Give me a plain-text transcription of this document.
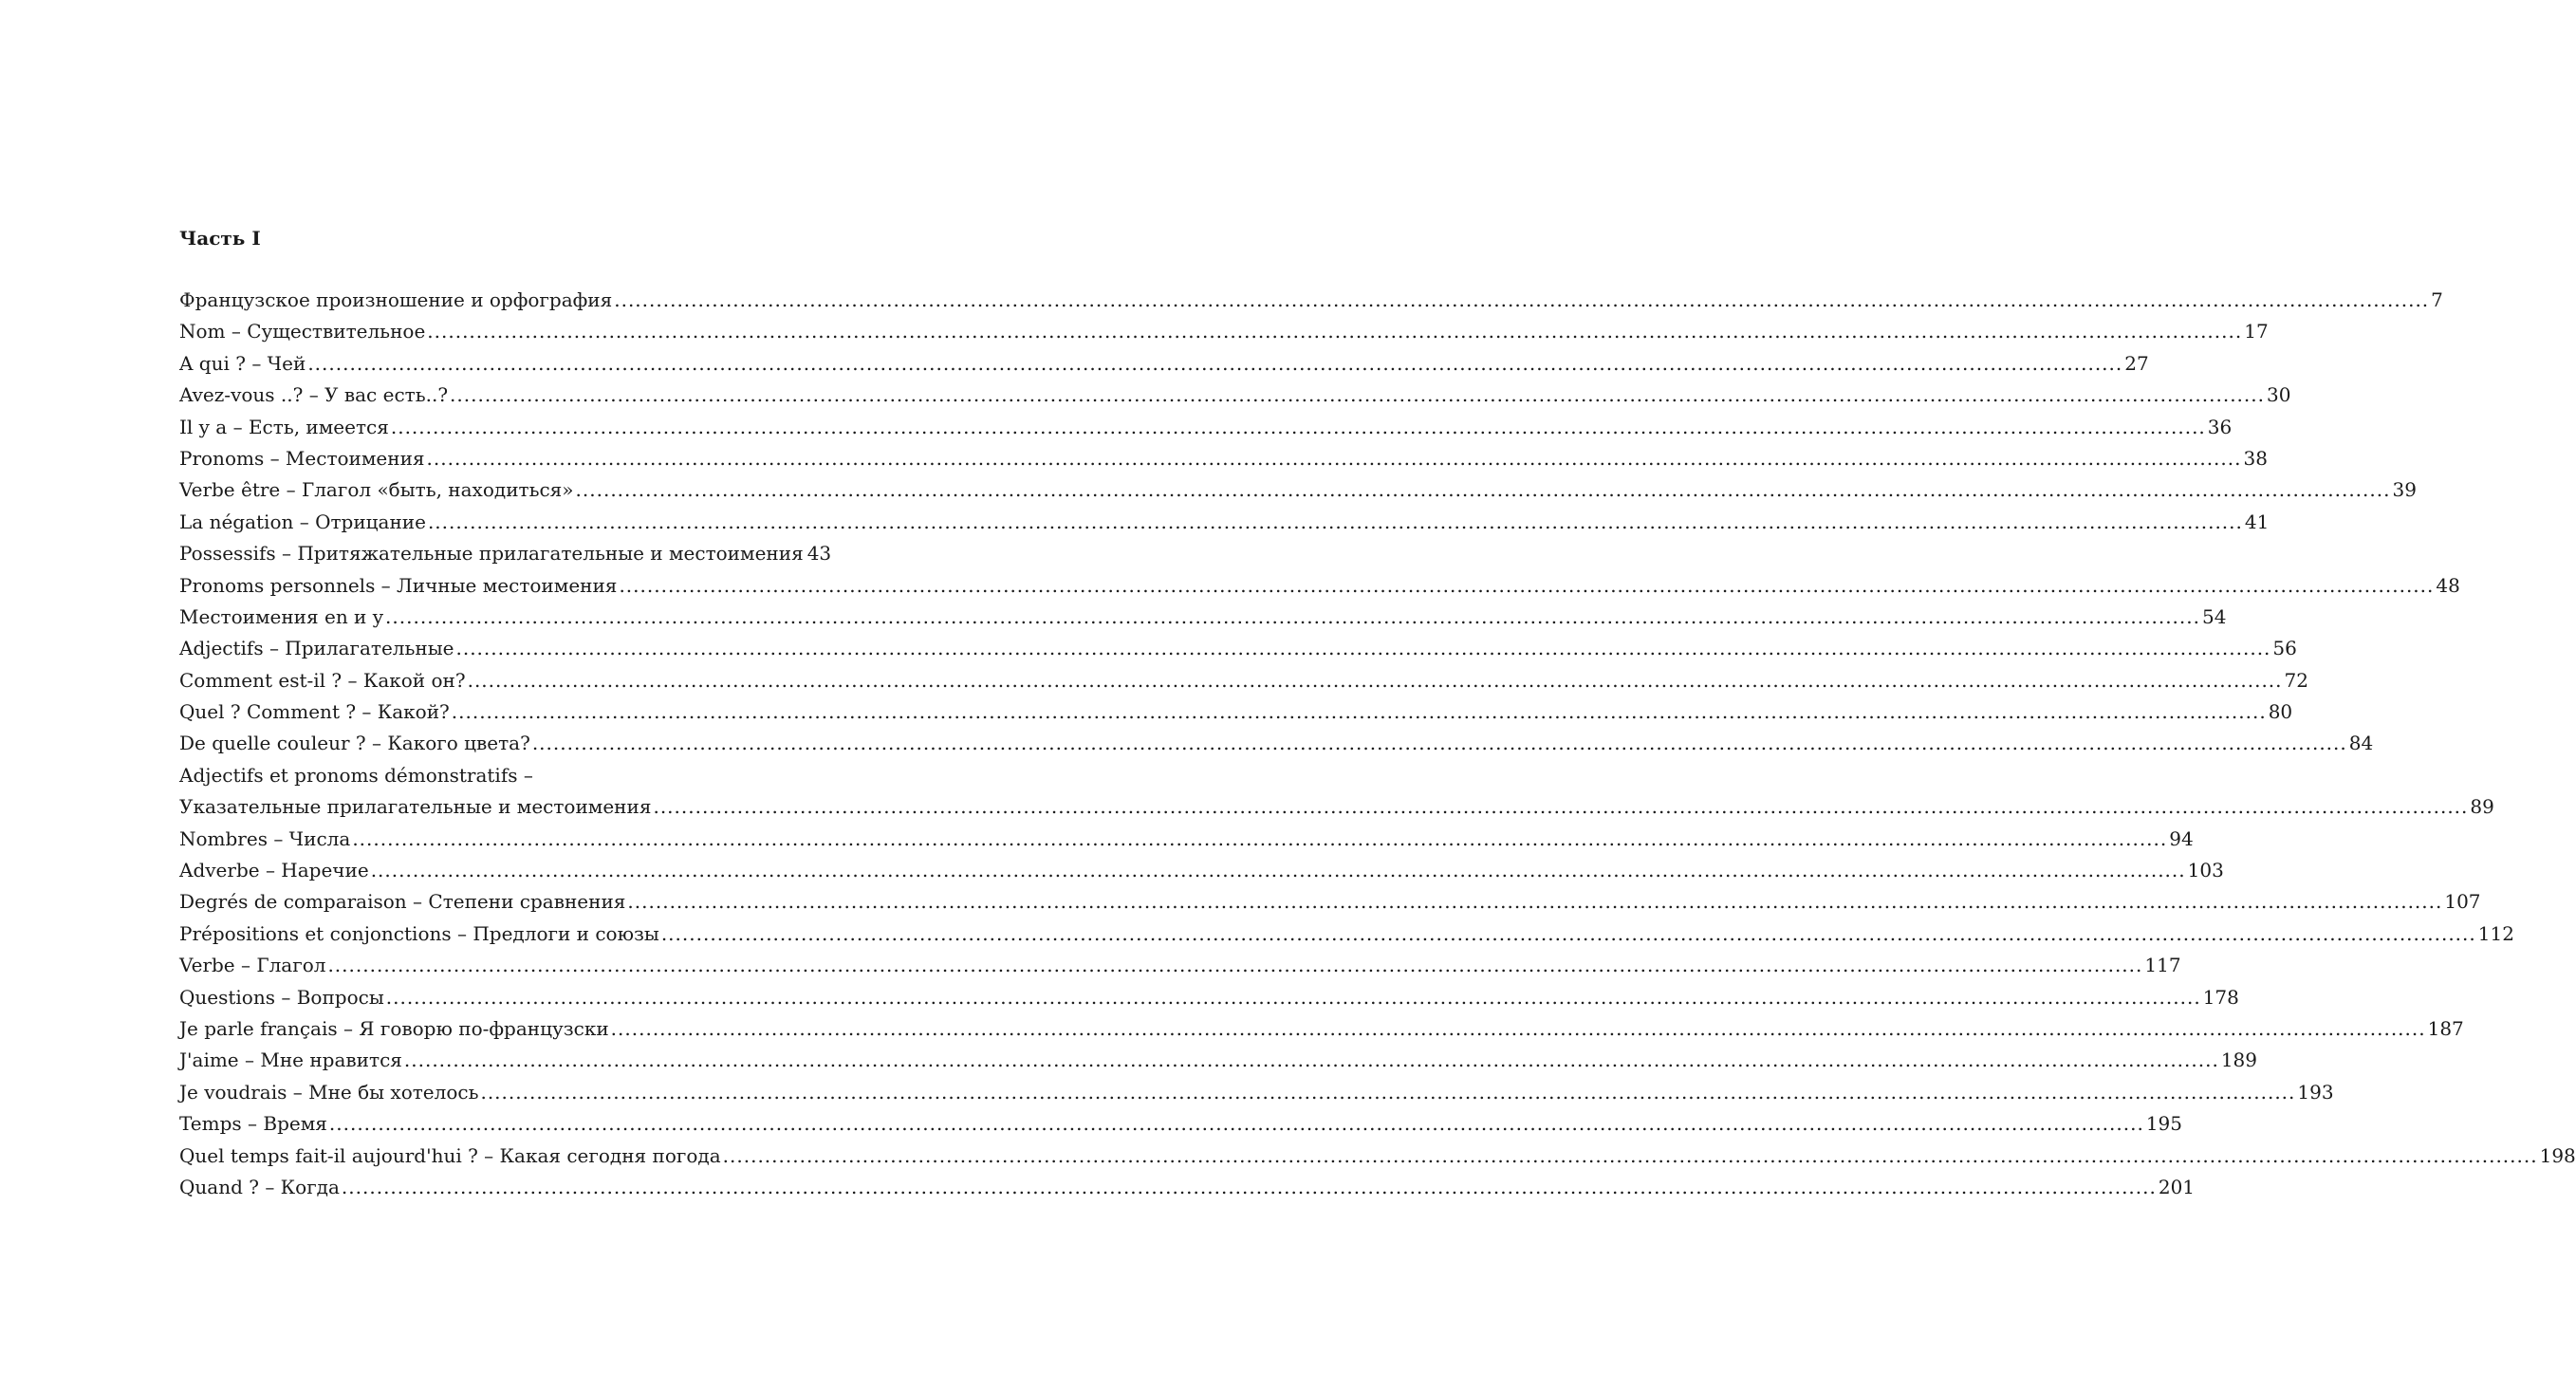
Часть I
Французское произношение и орфография .....	7
Nom – Существительное .....	17
A qui ? – Чей .....	27
Avez-vous ..? – У вас есть..? .....	30
Il y a – Есть, имеется .....	36
Pronoms – Местоимения .....	38
Verbe être – Глагол «быть, находиться» .....	39
La négation – Отрицание .....	41
Possessifs – Притяжательные прилагательные и местоимения 43
Pronoms personnels – Личные местоимения .....	48
Местоимения en и y .....	54
Adjectifs – Прилагательные .....	56
Comment est-il ? – Какой он? .....	72
Quel ? Comment ? – Какой? .....	80
De quelle couleur ? – Какого цвета? .....	84
Adjectifs et pronoms démonstratifs –
Указательные прилагательные и местоимения .....	89
Nombres – Числа .....	94
Adverbe – Наречие .....	103
Degrés de comparaison – Степени сравнения .....	107
Prépositions et conjonctions – Предлоги и союзы .....	112
Verbe – Глагол .....	117
Questions – Вопросы .....	178
Je parle français – Я говорю по-французски .....	187
J'aime – Мне нравится .....	189
Je voudrais – Мне бы хотелось .....	193
Temps – Время .....	195
Quel temps fait-il aujourd'hui ? – Какая сегодня погода .....	198
Quand ? – Когда .....	201
